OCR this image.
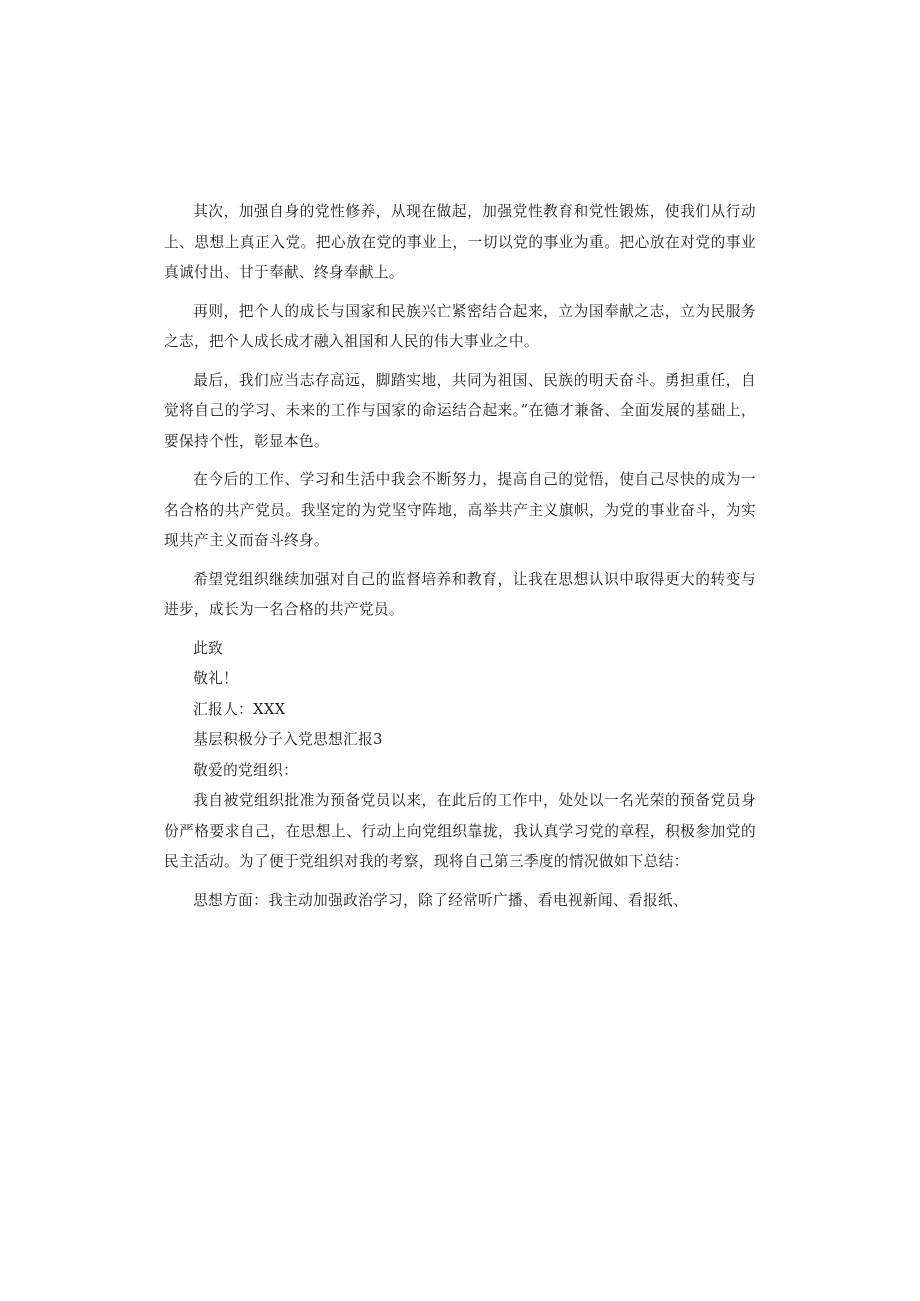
其次，加强自身的党性修养，从现在做起，加强党性教育和党性锻炼，使我们从行动上、思想上真正入党。把心放在党的事业上，一切以党的事业为重。把心放在对党的事业真诚付出、甘于奉献、终身奉献上。

再则，把个人的成长与国家和民族兴亡紧密结合起来，立为国奉献之志，立为民服务之志，把个人成长成才融入祖国和人民的伟大事业之中。

最后，我们应当志存高远，脚踏实地，共同为祖国、民族的明天奋斗。勇担重任，自觉将自己的学习、未来的工作与国家的命运结合起来。”在德才兼备、全面发展的基础上，要保持个性，彰显本色。

在今后的工作、学习和生活中我会不断努力，提高自己的觉悟，使自己尽快的成为一名合格的共产党员。我坚定的为党坚守阵地，高举共产主义旗帜，为党的事业奋斗，为实现共产主义而奋斗终身。

希望党组织继续加强对自己的监督培养和教育，让我在思想认识中取得更大的转变与进步，成长为一名合格的共产党员。

此致

敬礼！

汇报人：XXX

基层积极分子入党思想汇报3

敬爱的党组织：

我自被党组织批准为预备党员以来，在此后的工作中，处处以一名光荣的预备党员身份严格要求自己，在思想上、行动上向党组织靠拢，我认真学习党的章程，积极参加党的民主活动。为了便于党组织对我的考察，现将自己第三季度的情况做如下总结：

思想方面：我主动加强政治学习，除了经常听广播、看电视新闻、看报纸、
